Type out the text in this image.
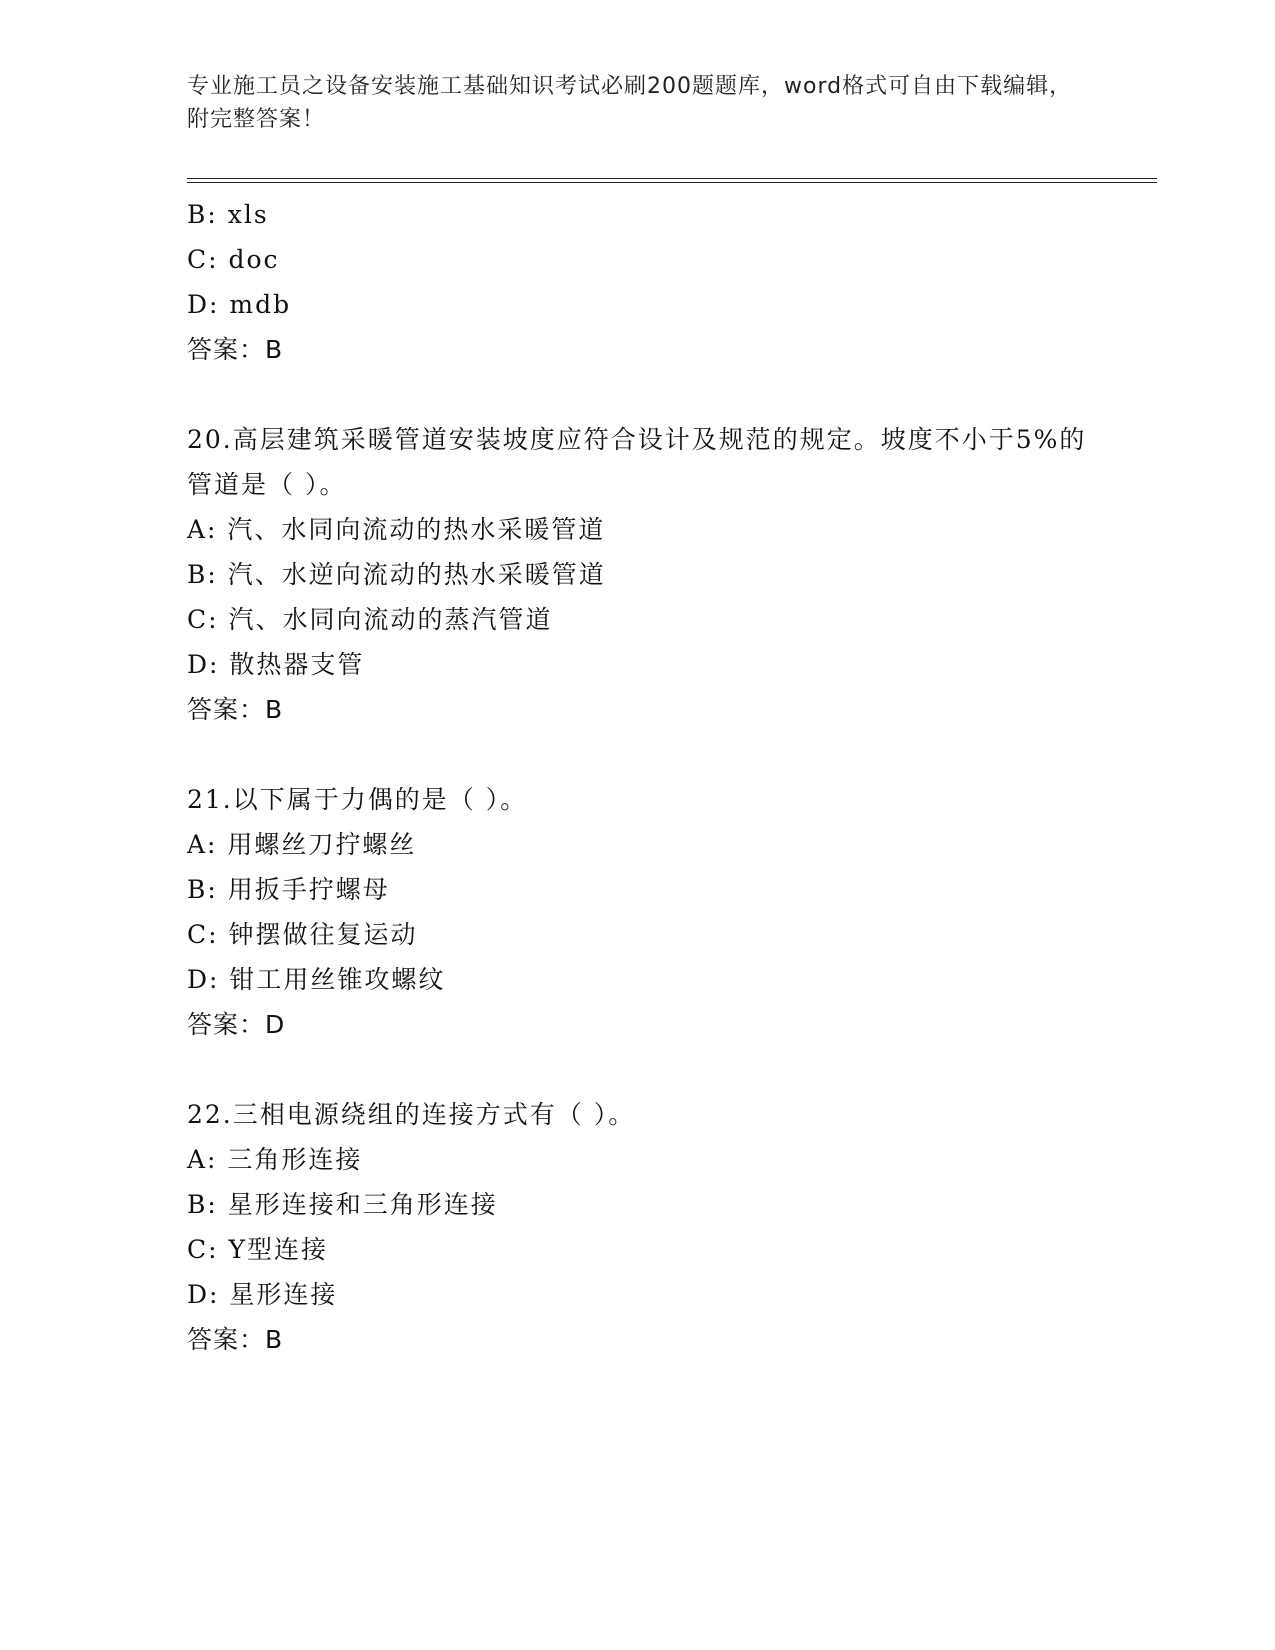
专业施工员之设备安装施工基础知识考试必刷200题题库，word格式可自由下载编辑，附完整答案！
B: xls
C: doc
D: mdb
答案：B
20.高层建筑采暖管道安装坡度应符合设计及规范的规定。坡度不小于5%的管道是（ ）。
A: 汽、水同向流动的热水采暖管道
B: 汽、水逆向流动的热水采暖管道
C: 汽、水同向流动的蒸汽管道
D: 散热器支管
答案：B
21.以下属于力偶的是（ ）。
A: 用螺丝刀拧螺丝
B: 用扳手拧螺母
C: 钟摆做往复运动
D: 钳工用丝锥攻螺纹
答案：D
22.三相电源绕组的连接方式有（ ）。
A: 三角形连接
B: 星形连接和三角形连接
C: Y型连接
D: 星形连接
答案：B
